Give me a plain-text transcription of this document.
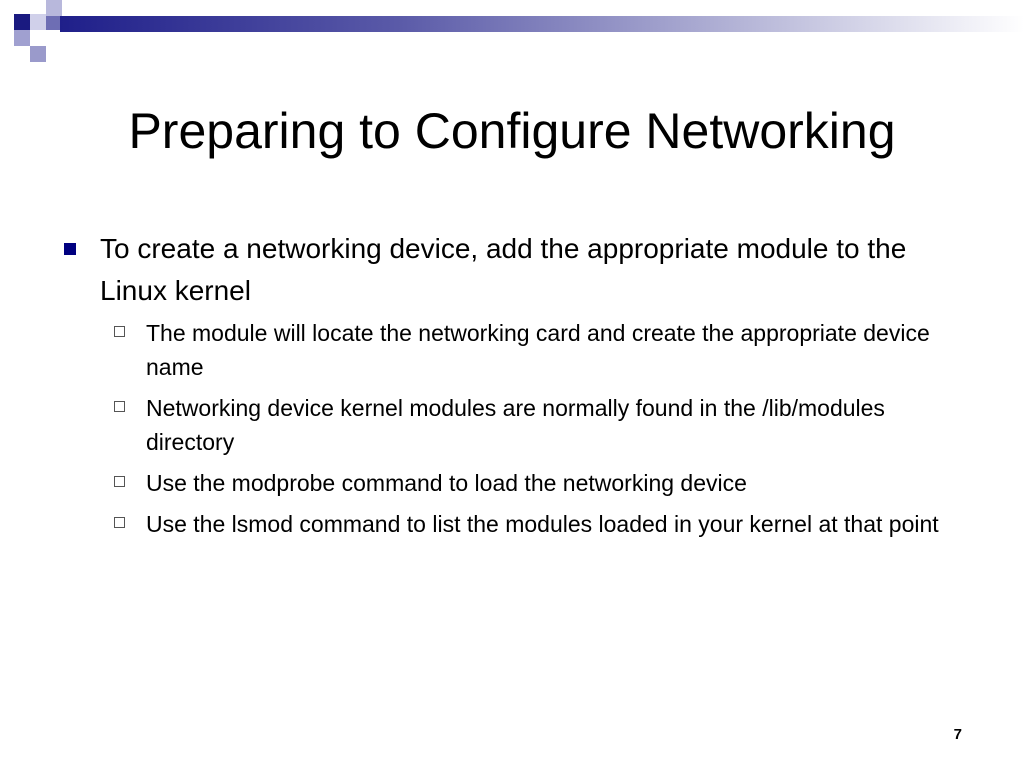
Preparing to Configure Networking
To create a networking device, add the appropriate module to the Linux kernel
The module will locate the networking card and create the appropriate device name
Networking device kernel modules are normally found in the /lib/modules directory
Use the modprobe command to load the networking device
Use the lsmod command to list the modules loaded in your kernel at that point
7
